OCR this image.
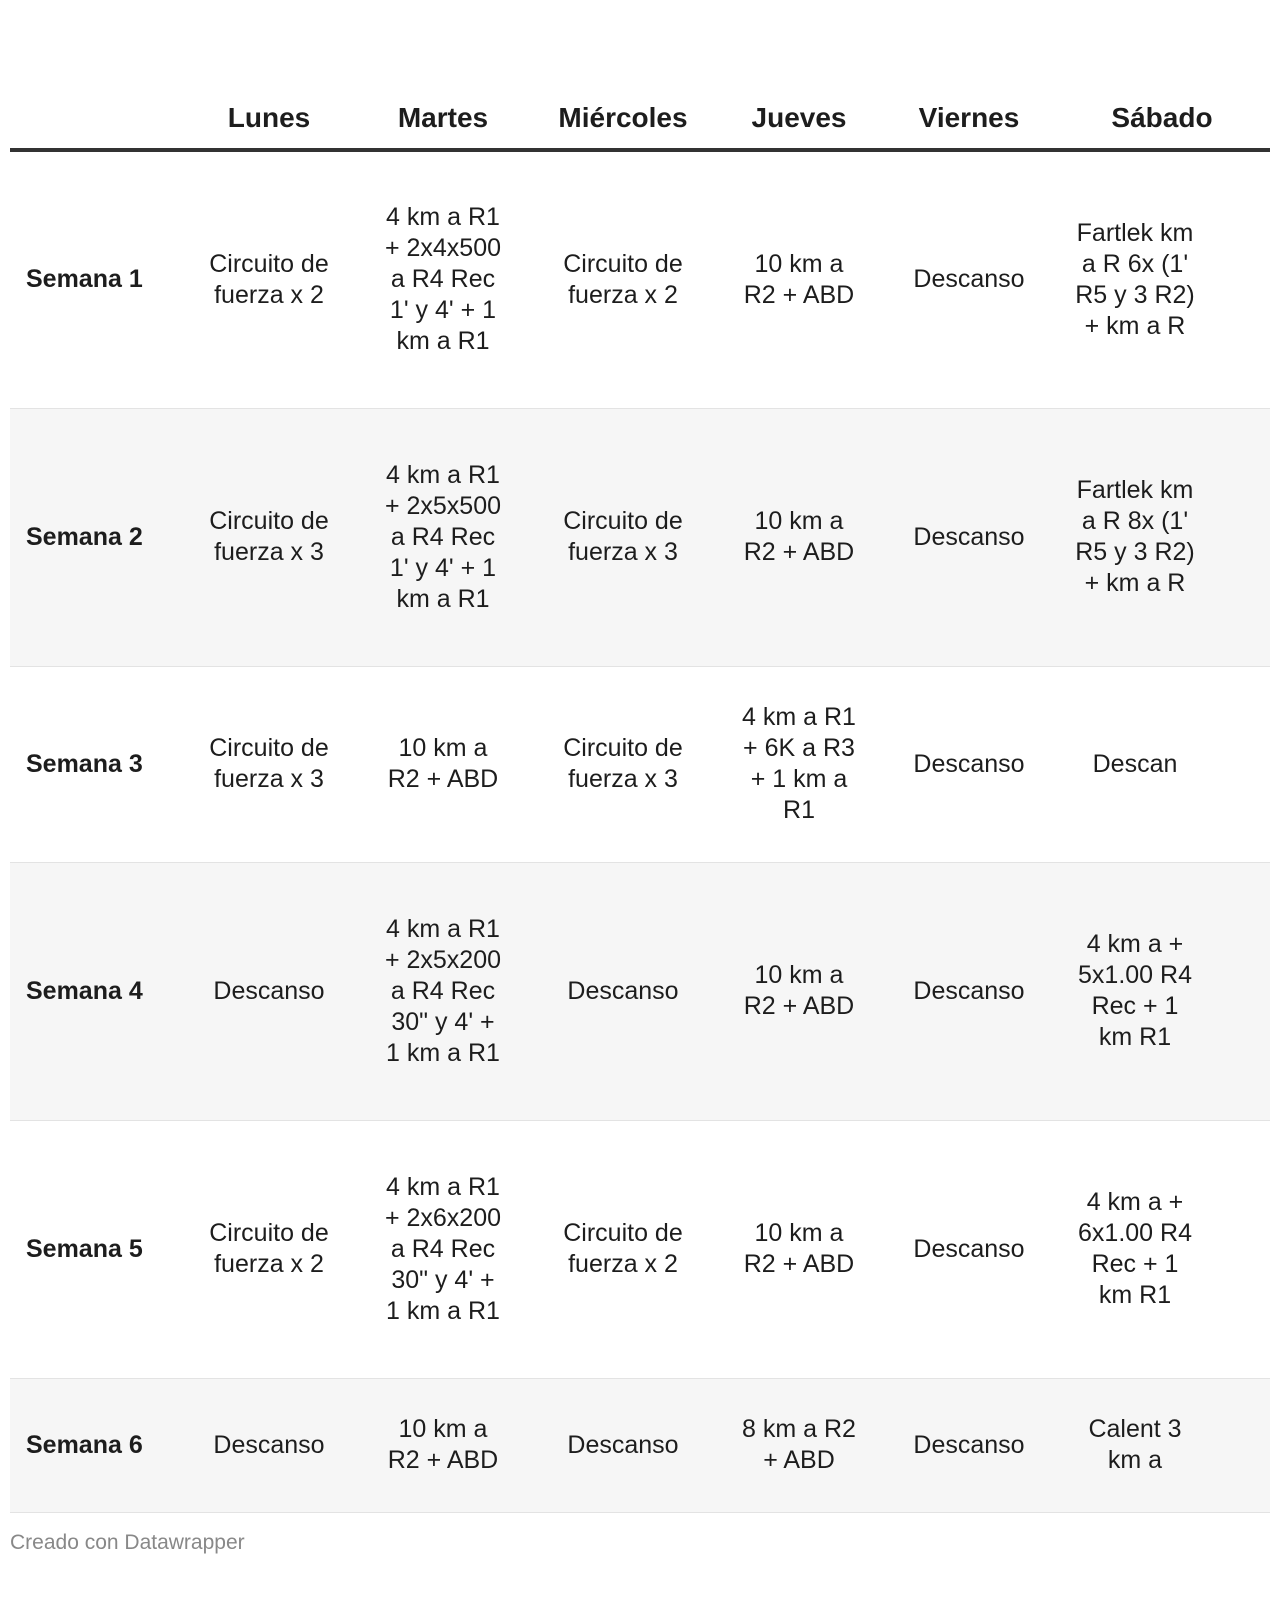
	Lunes	Martes	Miércoles	Jueves	Viernes	Sábado
Semana 1	Circuito de fuerza x 2	4 km a R1 + 2x4x500 a R4 Rec 1' y 4' + 1 km a R1	Circuito de fuerza x 2	10 km a R2 + ABD	Descanso	Fartlek km a R 6x (1' R5 y 3 R2) + km a R

Semana 2	Circuito de fuerza x 3	4 km a R1 + 2x5x500 a R4 Rec 1' y 4' + 1 km a R1	Circuito de fuerza x 3	10 km a R2 + ABD	Descanso	Fartlek km a R 8x (1' R5 y 3 R2) + km a R

Semana 3	Circuito de fuerza x 3	10 km a R2 + ABD	Circuito de fuerza x 3	4 km a R1 + 6K a R3 + 1 km a R1	Descanso	Descan

Semana 4	Descanso	4 km a R1 + 2x5x200 a R4 Rec 30" y 4' + 1 km a R1	Descanso	10 km a R2 + ABD	Descanso	4 km a + 5x1.00 R4 Rec + 1 km R1

Semana 5	Circuito de fuerza x 2	4 km a R1 + 2x6x200 a R4 Rec 30" y 4' + 1 km a R1	Circuito de fuerza x 2	10 km a R2 + ABD	Descanso	4 km a + 6x1.00 R4 Rec + 1 km R1

Semana 6	Descanso	10 km a R2 + ABD	Descanso	8 km a R2 + ABD	Descanso	Calent 3 km a
Creado con Datawrapper
